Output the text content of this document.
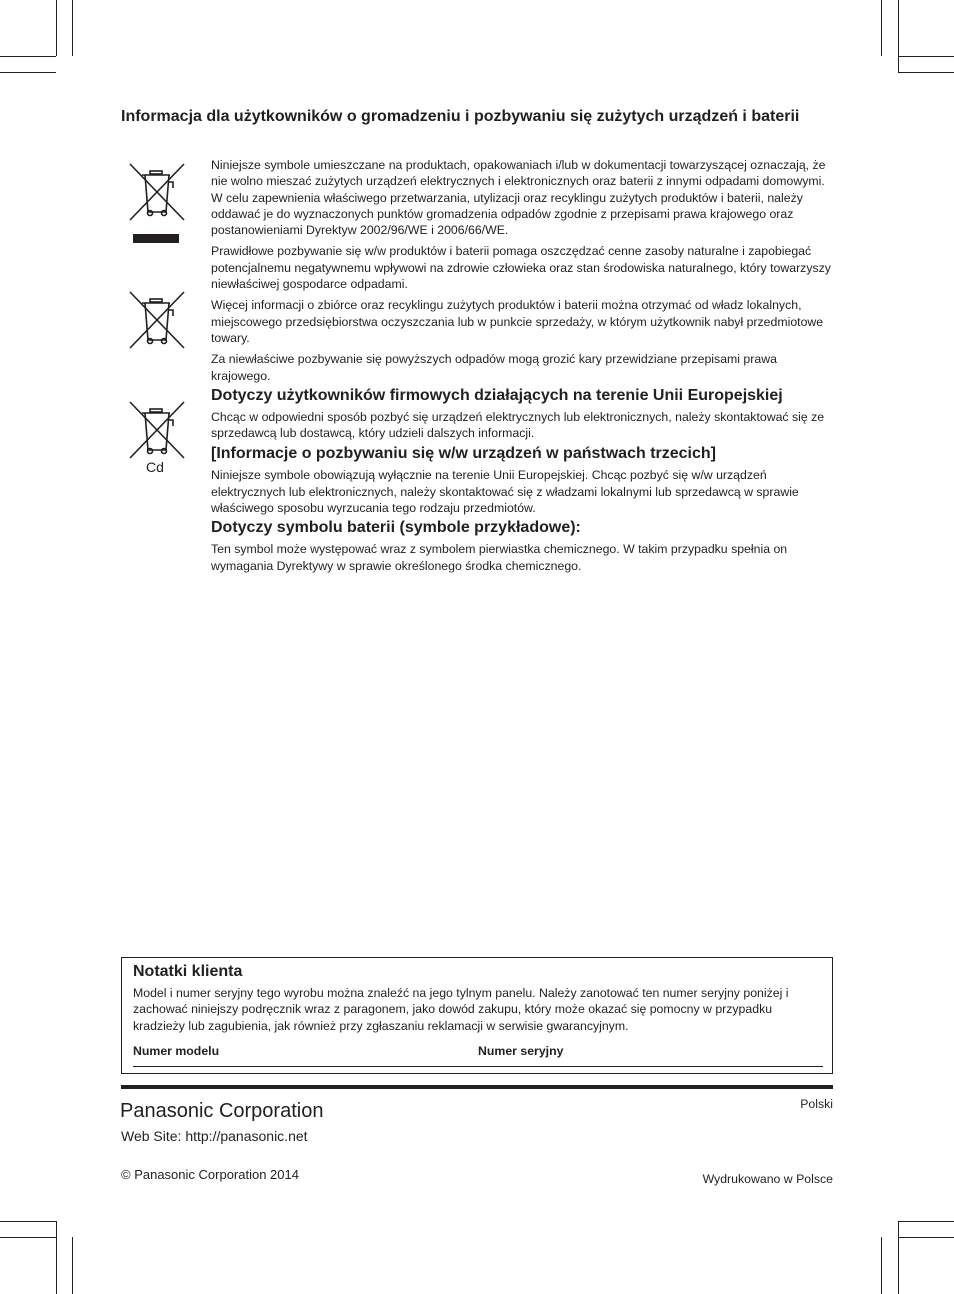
Informacja dla użytkowników o gromadzeniu i pozbywaniu się zużytych urządzeń i baterii
Cd

Niniejsze symbole umieszczane na produktach, opakowaniach i/lub w dokumentacji towarzyszącej oznaczają, że nie wolno mieszać zużytych urządzeń elektrycznych i elektronicznych oraz baterii z innymi odpadami domowymi. W celu zapewnienia właściwego przetwarzania, utylizacji oraz recyklingu zużytych produktów i baterii, należy oddawać je do wyznaczonych punktów gromadzenia odpadów zgodnie z przepisami prawa krajowego oraz postanowieniami Dyrektyw 2002/96/WE i 2006/66/WE.

Prawidłowe pozbywanie się w/w produktów i baterii pomaga oszczędzać cenne zasoby naturalne i zapobiegać potencjalnemu negatywnemu wpływowi na zdrowie człowieka oraz stan środowiska naturalnego, który towarzyszy niewłaściwej gospodarce odpadami.

Więcej informacji o zbiórce oraz recyklingu zużytych produktów i baterii można otrzymać od władz lokalnych, miejscowego przedsiębiorstwa oczyszczania lub w punkcie sprzedaży, w którym użytkownik nabył przedmiotowe towary.

Za niewłaściwe pozbywanie się powyższych odpadów mogą grozić kary przewidziane przepisami prawa krajowego.

Dotyczy użytkowników firmowych działających na terenie Unii Europejskiej

Chcąc w odpowiedni sposób pozbyć się urządzeń elektrycznych lub elektronicznych, należy skontaktować się ze sprzedawcą lub dostawcą, który udzieli dalszych informacji.

[Informacje o pozbywaniu się w/w urządzeń w państwach trzecich]

Niniejsze symbole obowiązują wyłącznie na terenie Unii Europejskiej. Chcąc pozbyć się w/w urządzeń elektrycznych lub elektronicznych, należy skontaktować się z władzami lokalnymi lub sprzedawcą w sprawie właściwego sposobu wyrzucania tego rodzaju przedmiotów.

Dotyczy symbolu baterii (symbole przykładowe):

Ten symbol może występować wraz z symbolem pierwiastka chemicznego. W takim przypadku spełnia on wymagania Dyrektywy w sprawie określonego środka chemicznego.

Notatki klienta

Model i numer seryjny tego wyrobu można znaleźć na jego tylnym panelu. Należy zanotować ten numer seryjny poniżej i zachować niniejszy podręcznik wraz z paragonem, jako dowód zakupu, który może okazać się pomocny w przypadku kradzieży lub zagubienia, jak również przy zgłaszaniu reklamacji w serwisie gwarancyjnym.

Numer modelu	Numer seryjny
Panasonic Corporation
Web Site: http://panasonic.net
Polski
© Panasonic Corporation 2014	Wydrukowano w Polsce
